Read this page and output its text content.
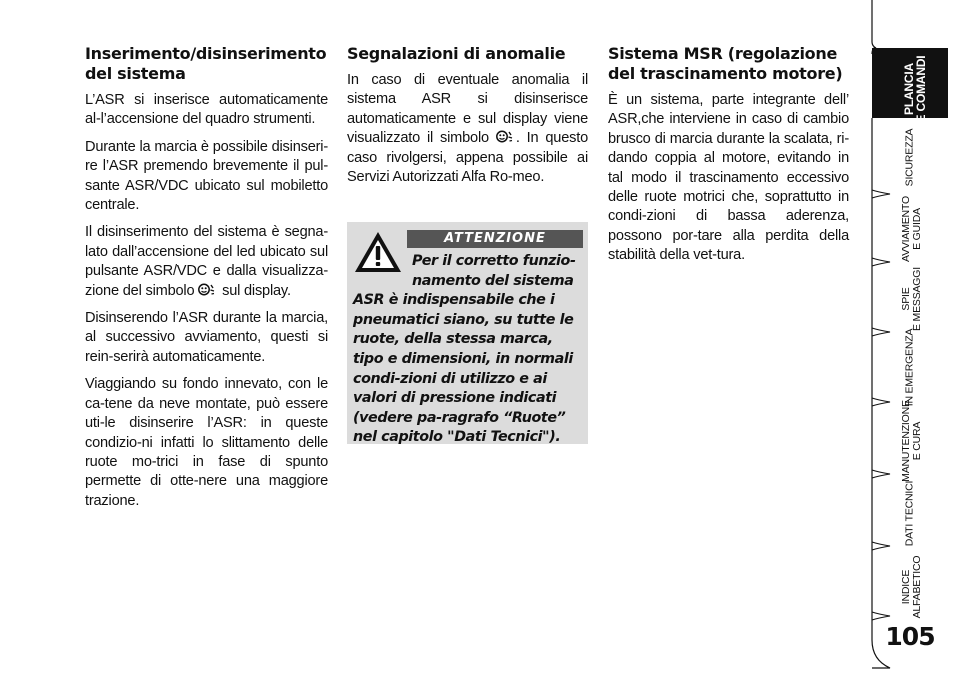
Inserimento/disinserimento del sistema

L’ASR si inserisce automaticamente al-l’accensione del quadro strumenti.

Durante la marcia è possibile disinseri-re l’ASR premendo brevemente il pul-sante ASR/VDC ubicato sul mobiletto centrale.

Il disinserimento del sistema è segna-lato dall’accensione del led ubicato sul pulsante ASR/VDC e dalla visualizza-zione del simbolo sul display.

Disinserendo l’ASR durante la marcia, al successivo avviamento, questi si rein-serirà automaticamente.

Viaggiando su fondo innevato, con le ca-tene da neve montate, può essere uti-le disinserire l’ASR: in queste condizio-ni infatti lo slittamento delle ruote mo-trici in fase di spunto permette di otte-nere una maggiore trazione.

Segnalazioni di anomalie

In caso di eventuale anomalia il sistema ASR si disinserisce automaticamente e sul display viene visualizzato il simbolo . In questo caso rivolgersi, appena possibile ai Servizi Autorizzati Alfa Ro-meo.

ATTENZIONE
Per il corretto funzio-
namento del sistema
ASR è indispensabile che i pneumatici siano, su tutte le ruote, della stessa marca, tipo e dimensioni, in normali condi-zioni di utilizzo e ai valori di pressione indicati (vedere pa-ragrafo “Ruote” nel capitolo "Dati Tecnici").
Sistema MSR (regolazione del trascinamento motore)

È un sistema, parte integrante dell’ ASR,che interviene in caso di cambio brusco di marcia durante la scalata, ri-dando coppia al motore, evitando in tal modo il trascinamento eccessivo delle ruote motrici che, soprattutto in condi-zioni di bassa aderenza, possono por-tare alla perdita della stabilità della vet-tura.

PLANCIA
E COMANDI
SICUREZZA
AVVIAMENTO
E GUIDA
SPIE
E MESSAGGI
IN EMERGENZA
MANUTENZIONE
E CURA
DATI TECNICI
INDICE
ALFABETICO
105
